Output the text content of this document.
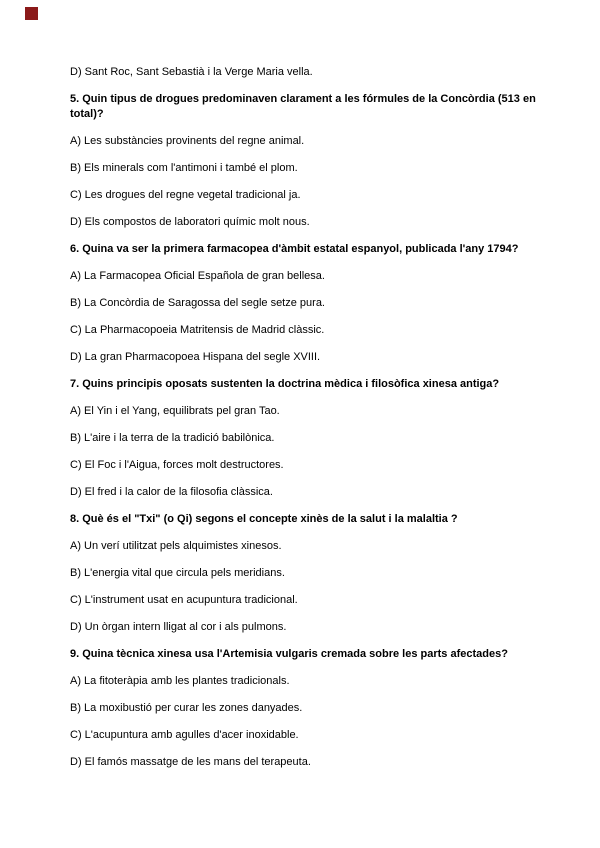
D) Sant Roc, Sant Sebastià i la Verge Maria vella.

5. Quin tipus de drogues predominaven clarament a les fórmules de la Concòrdia (513 en total)?

A) Les substàncies provinents del regne animal.

B) Els minerals com l'antimoni i també el plom.

C) Les drogues del regne vegetal tradicional ja.

D) Els compostos de laboratori químic molt nous.

6. Quina va ser la primera farmacopea d'àmbit estatal espanyol, publicada l'any 1794?

A) La Farmacopea Oficial Española de gran bellesa.

B) La Concòrdia de Saragossa del segle setze pura.

C) La Pharmacopoeia Matritensis de Madrid clàssic.

D) La gran Pharmacopoea Hispana del segle XVIII.

7. Quins principis oposats sustenten la doctrina mèdica i filosòfica xinesa antiga?

A) El Yin i el Yang, equilibrats pel gran Tao.

B) L'aire i la terra de la tradició babilònica.

C) El Foc i l'Aigua, forces molt destructores.

D) El fred i la calor de la filosofia clàssica.

8. Què és el "Txi" (o Qi) segons el concepte xinès de la salut i la malaltia ?

A) Un verí utilitzat pels alquimistes xinesos.

B) L'energia vital que circula pels meridians.

C) L'instrument usat en acupuntura tradicional.

D) Un òrgan intern lligat al cor i als pulmons.

9. Quina tècnica xinesa usa l'Artemisia vulgaris cremada sobre les parts afectades?

A) La fitoteràpia amb les plantes tradicionals.

B) La moxibustió per curar les zones danyades.

C) L'acupuntura amb agulles d'acer inoxidable.

D) El famós massatge de les mans del terapeuta.
